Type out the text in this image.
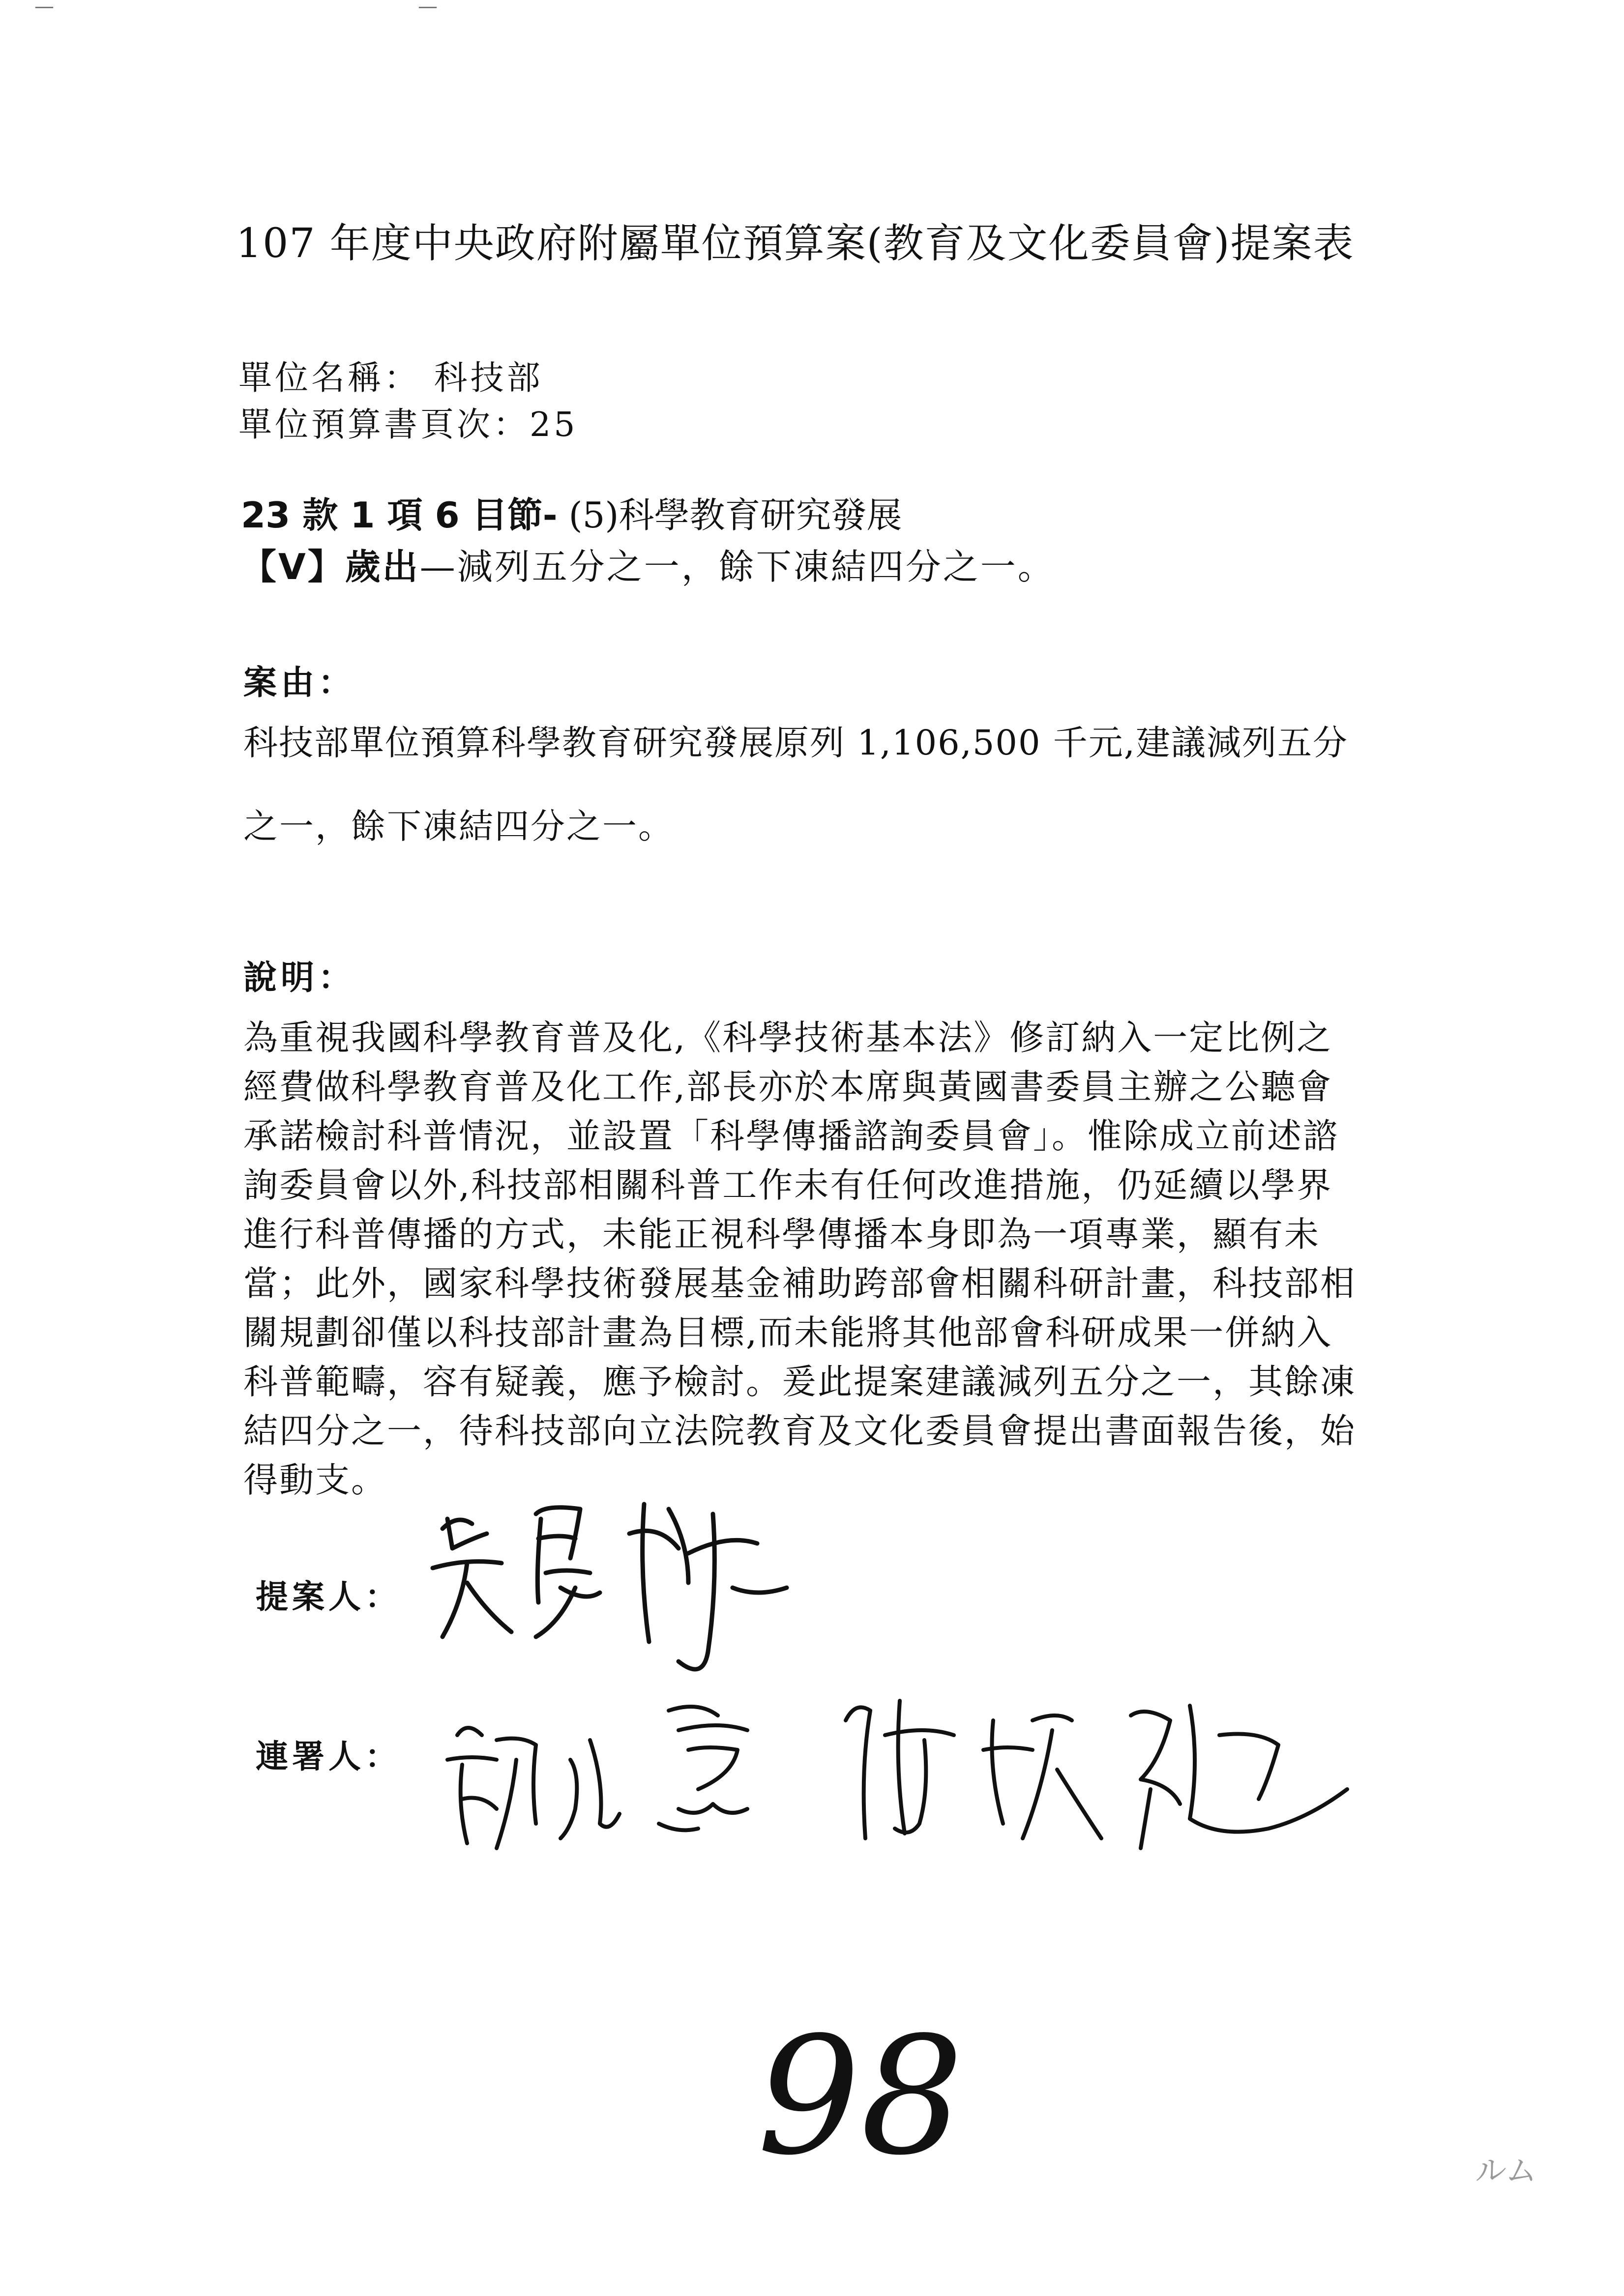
—	—
107 年度中央政府附屬單位預算案(教育及文化委員會)提案表

單位名稱： 科技部

單位預算書頁次：25

23 款 1 項 6 目節- (5)科學教育研究發展

【V】歲出—減列五分之一，餘下凍結四分之一。

案由：

科技部單位預算科學教育研究發展原列 1,106,500 千元,建議減列五分

之一，餘下凍結四分之一。

說明：

為重視我國科學教育普及化,《科學技術基本法》修訂納入一定比例之

經費做科學教育普及化工作,部長亦於本席與黃國書委員主辦之公聽會

承諾檢討科普情況，並設置「科學傳播諮詢委員會」。惟除成立前述諮

詢委員會以外,科技部相關科普工作未有任何改進措施，仍延續以學界

進行科普傳播的方式，未能正視科學傳播本身即為一項專業，顯有未

當；此外，國家科學技術發展基金補助跨部會相關科研計畫，科技部相

關規劃卻僅以科技部計畫為目標,而未能將其他部會科研成果一併納入

科普範疇，容有疑義，應予檢討。爰此提案建議減列五分之一，其餘凍

結四分之一，待科技部向立法院教育及文化委員會提出書面報告後，始

得動支。

提案人：

連署人：

98	ルム
